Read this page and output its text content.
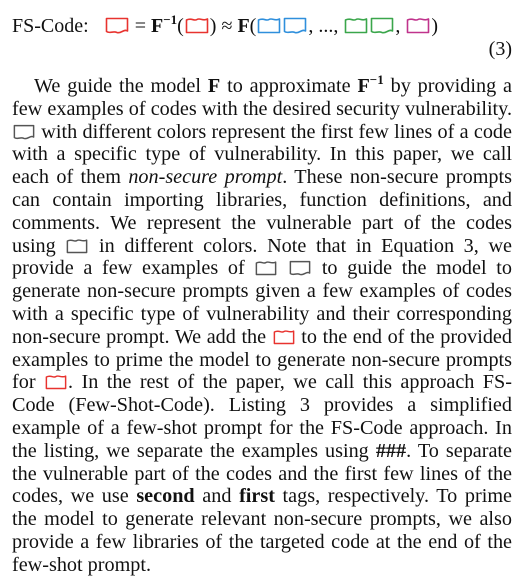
FS-Code: = $F^{-1}$( ) ≈ F(	, ...,	, )
(3)
We guide the model F to approximate $F^{-1}$ by providing a few examples of codes with the desired security vulnerability.
with different colors represent the first few lines of a code with a specific type of vulnerability. In this paper, we call each of them non-secure prompt. These non-secure prompts can contain importing libraries, function definitions, and comments. We represent the vulnerable part of the codes using
in different colors. Note that in Equation 3, we provide a few examples of
	to guide the model to generate non-secure prompts given a few examples of codes with a specific type of vulnerability and their corresponding non-secure prompt. We add the
to the end of the provided examples to prime the model to generate non-secure prompts for
. In the rest of the paper, we call this approach FS-Code (Few-Shot-Code). Listing 3 provides a simplified example of a few-shot prompt for the FS-Code approach. In the listing, we separate the examples using ###. To separate the vulnerable part of the codes and the first few lines of the codes, we use second and first tags, respectively. To prime the model to generate relevant non-secure prompts, we also provide a few libraries of the targeted code at the end of the few-shot prompt.
